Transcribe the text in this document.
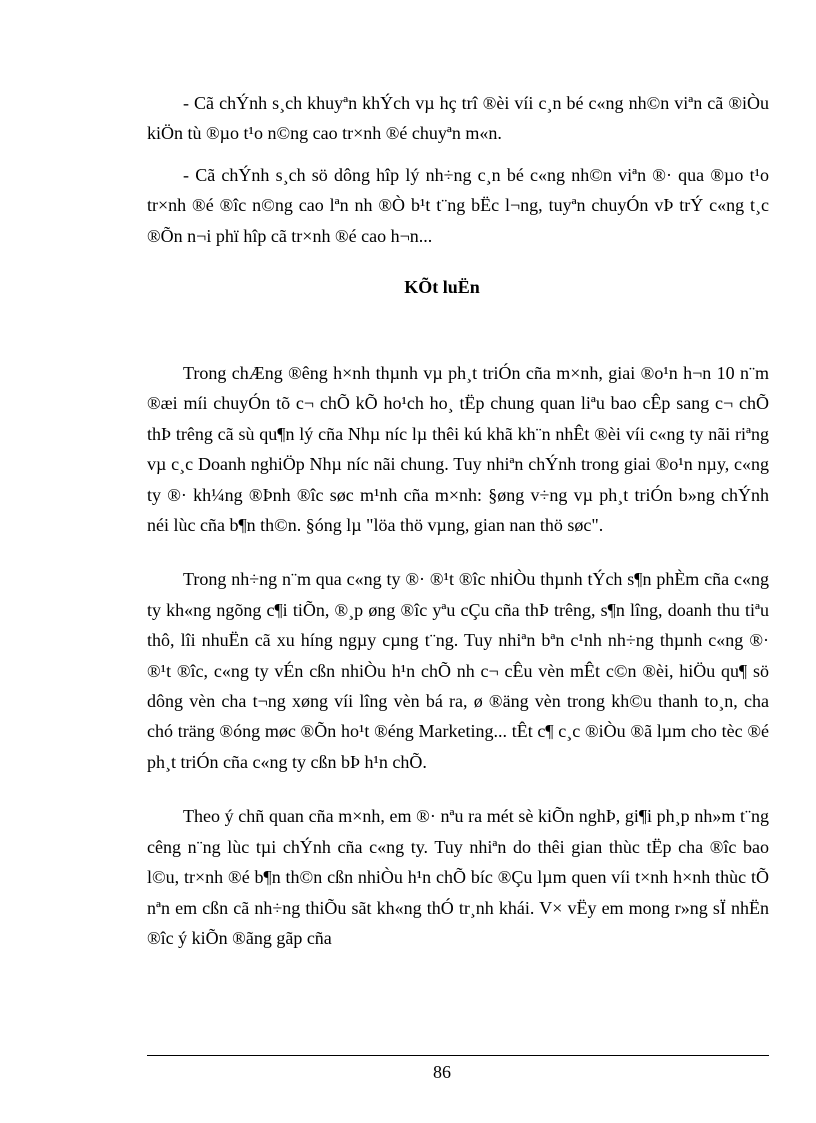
- Cã chÝnh s¸ch khuyªn khÝch vµ hç trî ®èi víi c¸n bé c«ng nh©n viªn cã ®iÒu kiÖn tù ®µo t¹o n©ng cao tr×nh ®é chuyªn m«n.

- Cã chÝnh s¸ch sö dông hîp lý nh÷ng c¸n bé c«ng nh©n viªn ®· qua ®µo t¹o tr×nh ®é ®îc n©ng cao lªn nh ®Ò b¹t t¨ng bËc l¬ng, tuyªn chuyÓn vÞ trÝ c«ng t¸c ®Õn n¬i phï hîp cã tr×nh ®é cao h¬n...

KÕt luËn

Trong chÆng ®êng h×nh thµnh vµ ph¸t triÓn cña m×nh, giai ®o¹n h¬n 10 n¨m ®æi míi chuyÓn tõ c¬ chÕ kÕ ho¹ch ho¸ tËp chung quan liªu bao cÊp sang c¬ chÕ thÞ trêng cã sù qu¶n lý cña Nhµ níc lµ thêi kú khã kh¨n nhÊt ®èi víi c«ng ty nãi riªng vµ c¸c Doanh nghiÖp Nhµ níc nãi chung. Tuy nhiªn chÝnh trong giai ®o¹n nµy, c«ng ty ®· kh¼ng ®Þnh ®îc søc m¹nh cña m×nh: §øng v÷ng vµ ph¸t triÓn b»ng chÝnh néi lùc cña b¶n th©n. §óng lµ "löa thö vµng, gian nan thö søc".

Trong nh÷ng n¨m qua c«ng ty ®· ®¹t ®îc nhiÒu thµnh tÝch s¶n phÈm cña c«ng ty kh«ng ngõng c¶i tiÕn, ®¸p øng ®îc yªu cÇu cña thÞ trêng, s¶n lîng, doanh thu tiªu thô, lîi nhuËn cã xu híng ngµy cµng t¨ng. Tuy nhiªn bªn c¹nh nh÷ng thµnh c«ng ®· ®¹t ®îc, c«ng ty vÉn cßn nhiÒu h¹n chÕ nh c¬ cÊu vèn mÊt c©n ®èi, hiÖu qu¶ sö dông vèn cha t¬ng xøng víi lîng vèn bá ra, ø ®äng vèn trong kh©u thanh to¸n, cha chó träng ®óng møc ®Õn ho¹t ®éng Marketing... tÊt c¶ c¸c ®iÒu ®ã lµm cho tèc ®é ph¸t triÓn cña c«ng ty cßn bÞ h¹n chÕ.

Theo ý chñ quan cña m×nh, em ®· nªu ra mét sè kiÕn nghÞ, gi¶i ph¸p nh»m t¨ng cêng n¨ng lùc tµi chÝnh cña c«ng ty. Tuy nhiªn do thêi gian thùc tËp cha ®îc bao l©u, tr×nh ®é b¶n th©n cßn nhiÒu h¹n chÕ bíc ®Çu lµm quen víi t×nh h×nh thùc tÕ nªn em cßn cã nh÷ng thiÕu sãt kh«ng thÓ tr¸nh khái. V× vËy em mong r»ng sÏ nhËn ®îc ý kiÕn ®ãng gãp cña

86
